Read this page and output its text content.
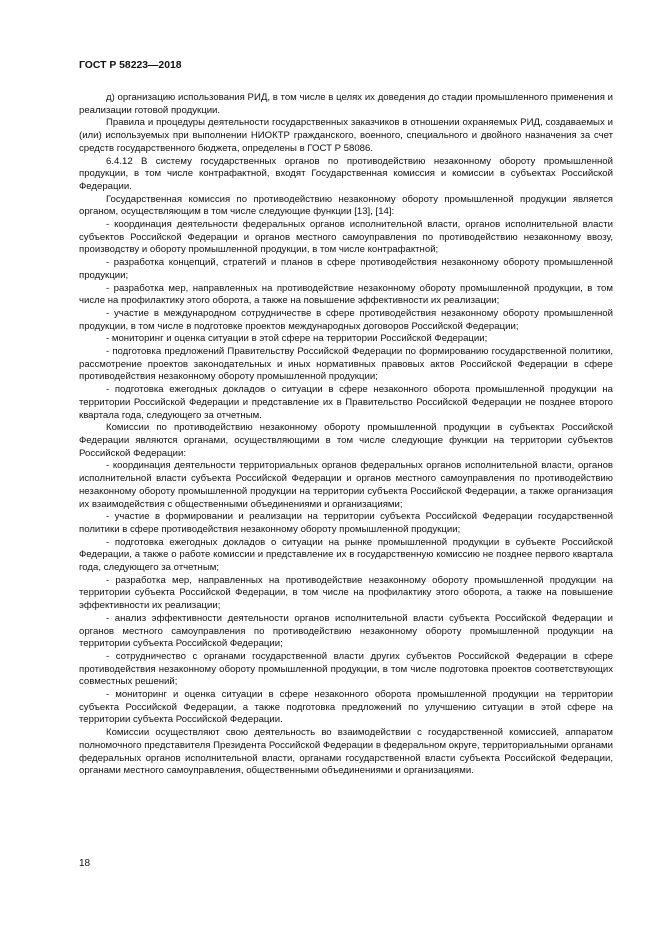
ГОСТ Р 58223—2018

д) организацию использования РИД, в том числе в целях их доведения до стадии промышленного применения и реализации готовой продукции.

Правила и процедуры деятельности государственных заказчиков в отношении охраняемых РИД, создаваемых и (или) используемых при выполнении НИОКТР гражданского, военного, специального и двойного назначения за счет средств государственного бюджета, определены в ГОСТ Р 58086.

6.4.12 В систему государственных органов по противодействию незаконному обороту промышленной продукции, в том числе контрафактной, входят Государственная комиссия и комиссии в субъектах Российской Федерации.

Государственная комиссия по противодействию незаконному обороту промышленной продукции является органом, осуществляющим в том числе следующие функции [13], [14]:

- координация деятельности федеральных органов исполнительной власти, органов исполнительной власти субъектов Российской Федерации и органов местного самоуправления по противодействию незаконному ввозу, производству и обороту промышленной продукции, в том числе контрафактной;

- разработка концепций, стратегий и планов в сфере противодействия незаконному обороту промышленной продукции;

- разработка мер, направленных на противодействие незаконному обороту промышленной продукции, в том числе на профилактику этого оборота, а также на повышение эффективности их реализации;

- участие в международном сотрудничестве в сфере противодействия незаконному обороту промышленной продукции, в том числе в подготовке проектов международных договоров Российской Федерации;

- мониторинг и оценка ситуации в этой сфере на территории Российской Федерации;

- подготовка предложений Правительству Российской Федерации по формированию государственной политики, рассмотрение проектов законодательных и иных нормативных правовых актов Российской Федерации в сфере противодействия незаконному обороту промышленной продукции;

- подготовка ежегодных докладов о ситуации в сфере незаконного оборота промышленной продукции на территории Российской Федерации и представление их в Правительство Российской Федерации не позднее второго квартала года, следующего за отчетным.

Комиссии по противодействию незаконному обороту промышленной продукции в субъектах Российской Федерации являются органами, осуществляющими в том числе следующие функции на территории субъектов Российской Федерации:

- координация деятельности территориальных органов федеральных органов исполнительной власти, органов исполнительной власти субъекта Российской Федерации и органов местного самоуправления по противодействию незаконному обороту промышленной продукции на территории субъекта Российской Федерации, а также организация их взаимодействия с общественными объединениями и организациями;

- участие в формировании и реализации на территории субъекта Российской Федерации государственной политики в сфере противодействия незаконному обороту промышленной продукции;

- подготовка ежегодных докладов о ситуации на рынке промышленной продукции в субъекте Российской Федерации, а также о работе комиссии и представление их в государственную комиссию не позднее первого квартала года, следующего за отчетным;

- разработка мер, направленных на противодействие незаконному обороту промышленной продукции на территории субъекта Российской Федерации, в том числе на профилактику этого оборота, а также на повышение эффективности их реализации;

- анализ эффективности деятельности органов исполнительной власти субъекта Российской Федерации и органов местного самоуправления по противодействию незаконному обороту промышленной продукции на территории субъекта Российской Федерации;

- сотрудничество с органами государственной власти других субъектов Российской Федерации в сфере противодействия незаконному обороту промышленной продукции, в том числе подготовка проектов соответствующих совместных решений;

- мониторинг и оценка ситуации в сфере незаконного оборота промышленной продукции на территории субъекта Российской Федерации, а также подготовка предложений по улучшению ситуации в этой сфере на территории субъекта Российской Федерации.

Комиссии осуществляют свою деятельность во взаимодействии с государственной комиссией, аппаратом полномочного представителя Президента Российской Федерации в федеральном округе, территориальными органами федеральных органов исполнительной власти, органами государственной власти субъекта Российской Федерации, органами местного самоуправления, общественными объединениями и организациями.

18
